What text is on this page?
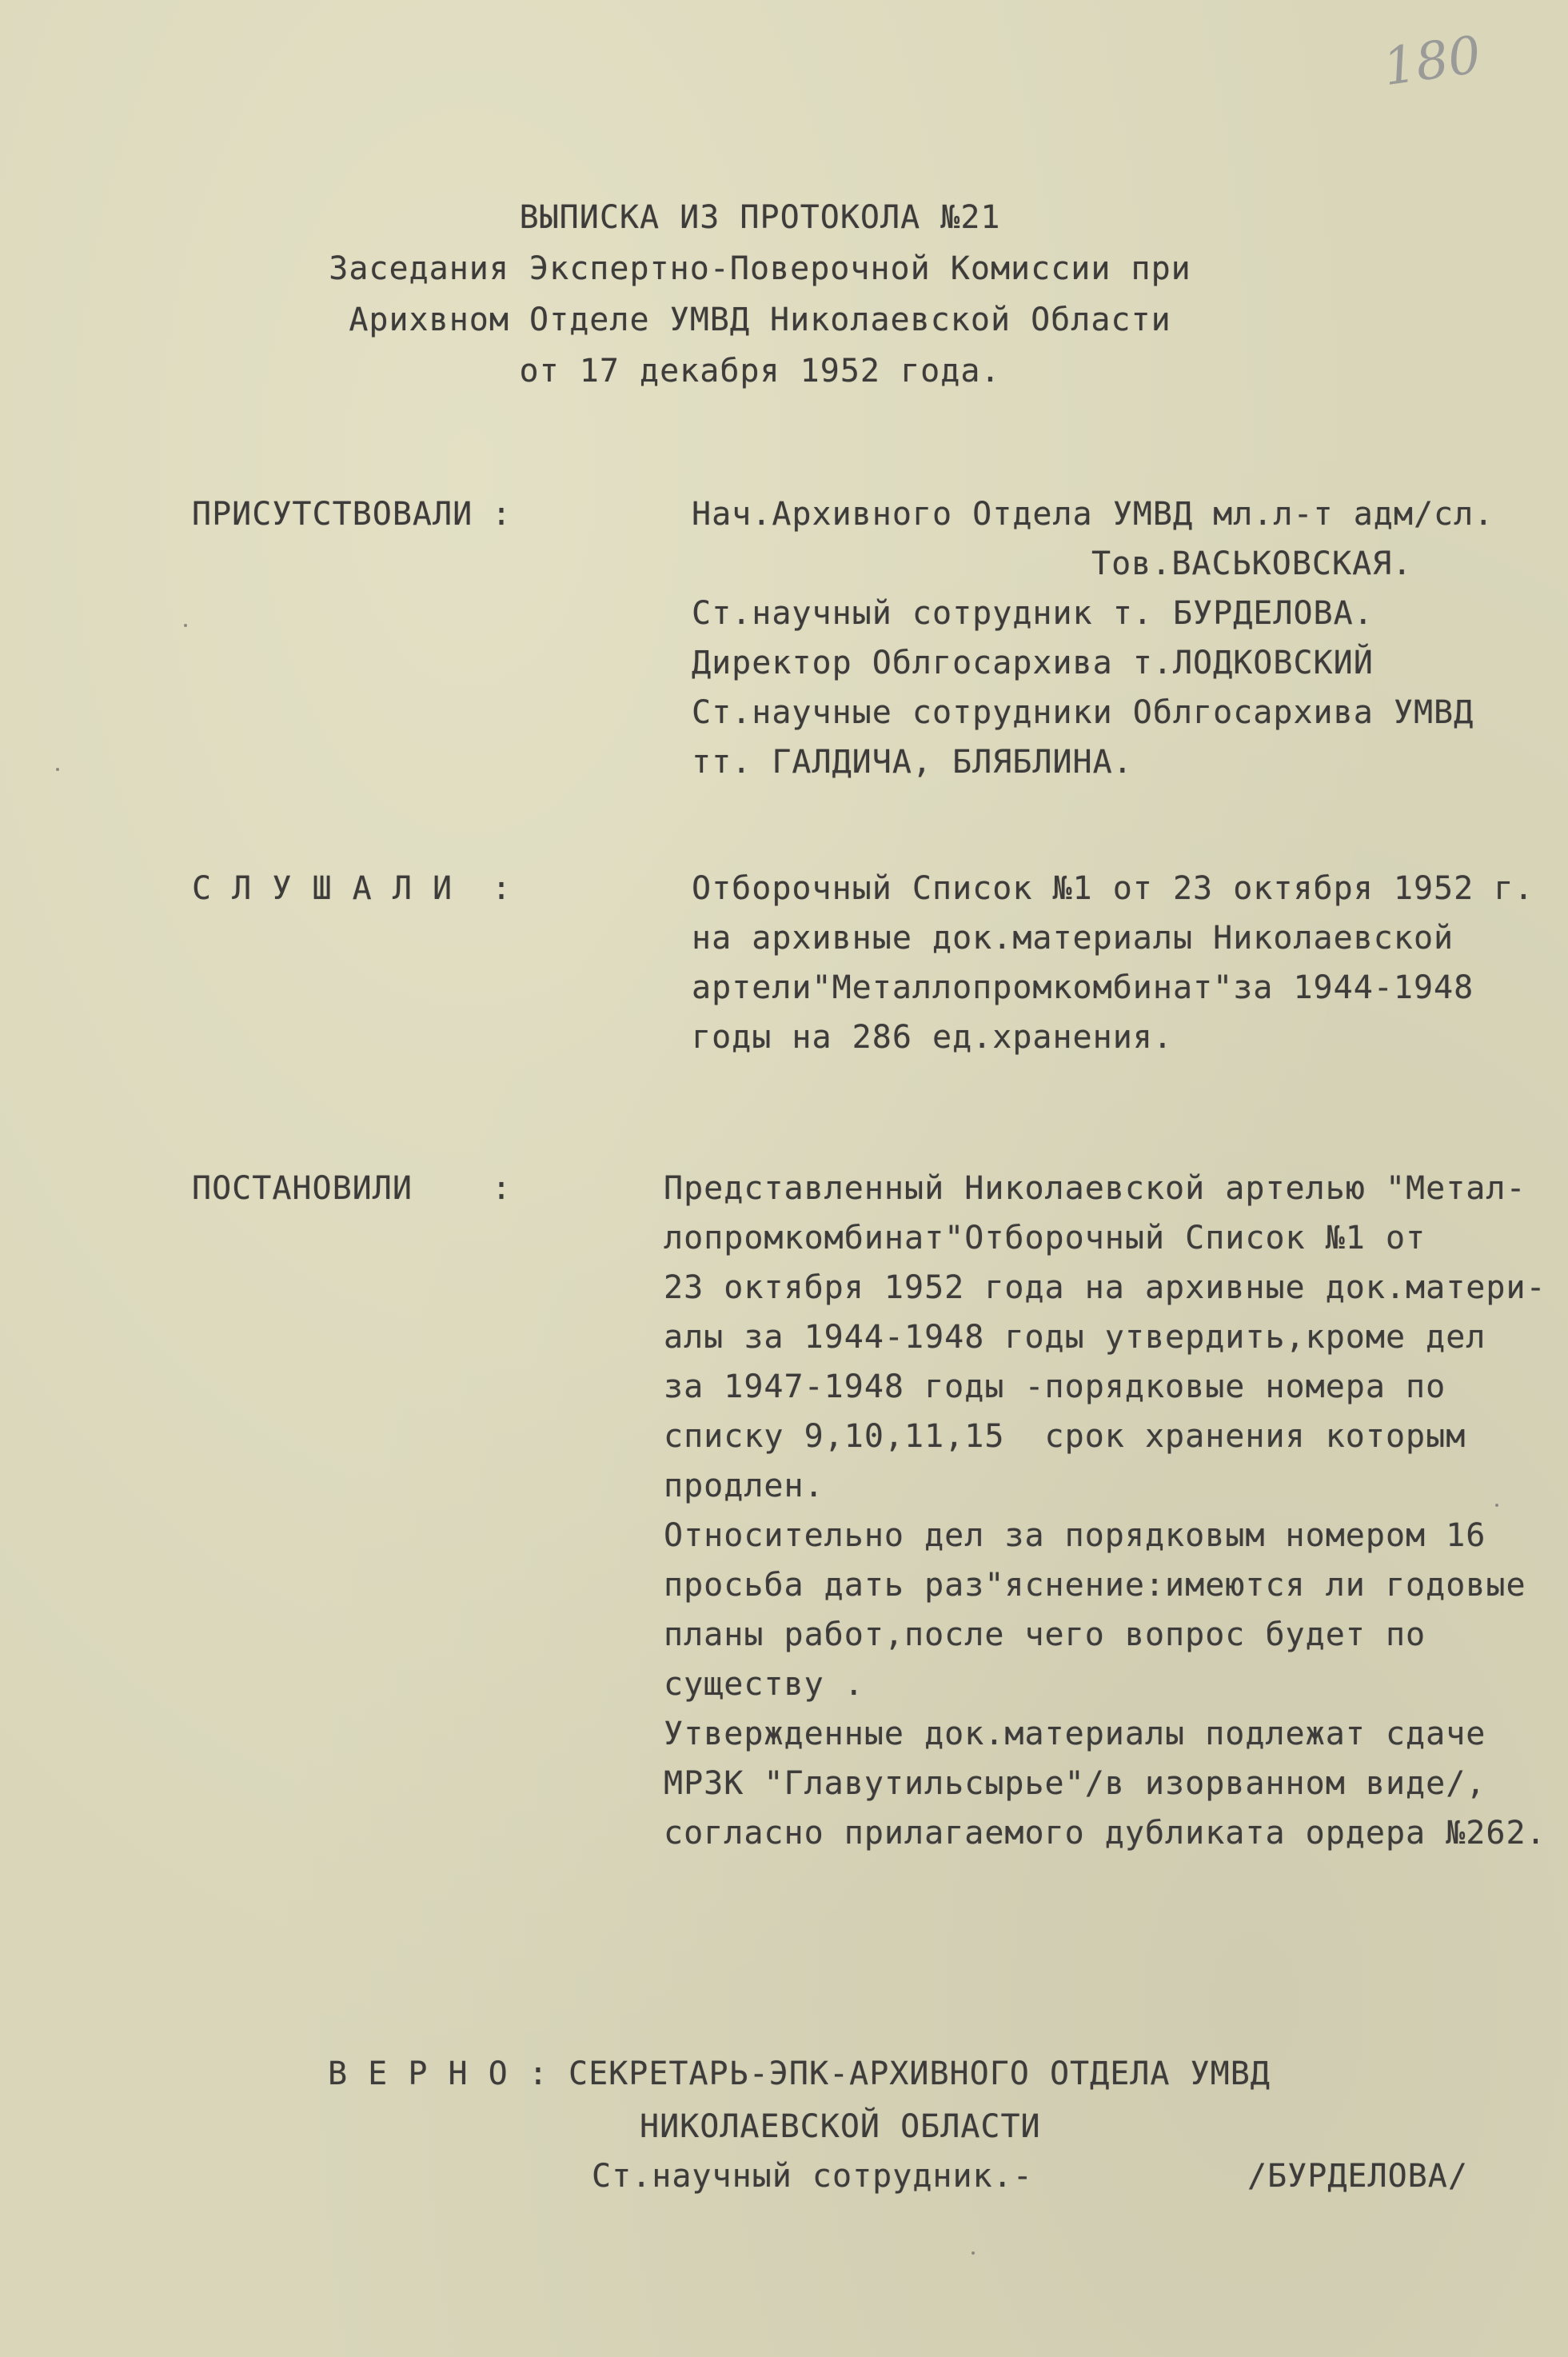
180
ВЫПИСКА ИЗ ПРОТОКОЛА №21
Заседания Экспертно-Поверочной Комиссии при
Арихвном Отделе УМВД Николаевской Области
от 17 декабря 1952 года.
ПРИСУТСТВОВАЛИ :	Нач.Архивного Отдела УМВД мл.л-т адм/сл.
Тов.ВАСЬКОВСКАЯ.
Ст.научный сотрудник т. БУРДЕЛОВА.
Директор Облгосархива т.ЛОДКОВСКИЙ
Ст.научные сотрудники Облгосархива УМВД
тт. ГАЛДИЧА, БЛЯБЛИНА.
С Л У Ш А Л И :	Отборочный Список №1 от 23 октября 1952 г.
на архивные док.материалы Николаевской
артели"Металлопромкомбинат"за 1944-1948
годы на 286 ед.хранения.
ПОСТАНОВИЛИ :	Представленный Николаевской артелью "Метал-
лопромкомбинат"Отборочный Список №1 от
23 октября 1952 года на архивные док.матери-
алы за 1944-1948 годы утвердить,кроме дел
за 1947-1948 годы -порядковые номера по
списку 9,10,11,15  срок хранения которым
продлен.
Относительно дел за порядковым номером 16
просьба дать раз"яснение:имеются ли годовые
планы работ,после чего вопрос будет по
существу .
Утвержденные док.материалы подлежат сдаче
МРЗК "Главутильсырье"/в изорванном виде/,
согласно прилагаемого дубликата ордера №262.
В Е Р Н О : СЕКРЕТАРЬ-ЭПК-АРХИВНОГО ОТДЕЛА УМВД
НИКОЛАЕВСКОЙ ОБЛАСТИ
Ст.научный сотрудник.-	/БУРДЕЛОВА/
